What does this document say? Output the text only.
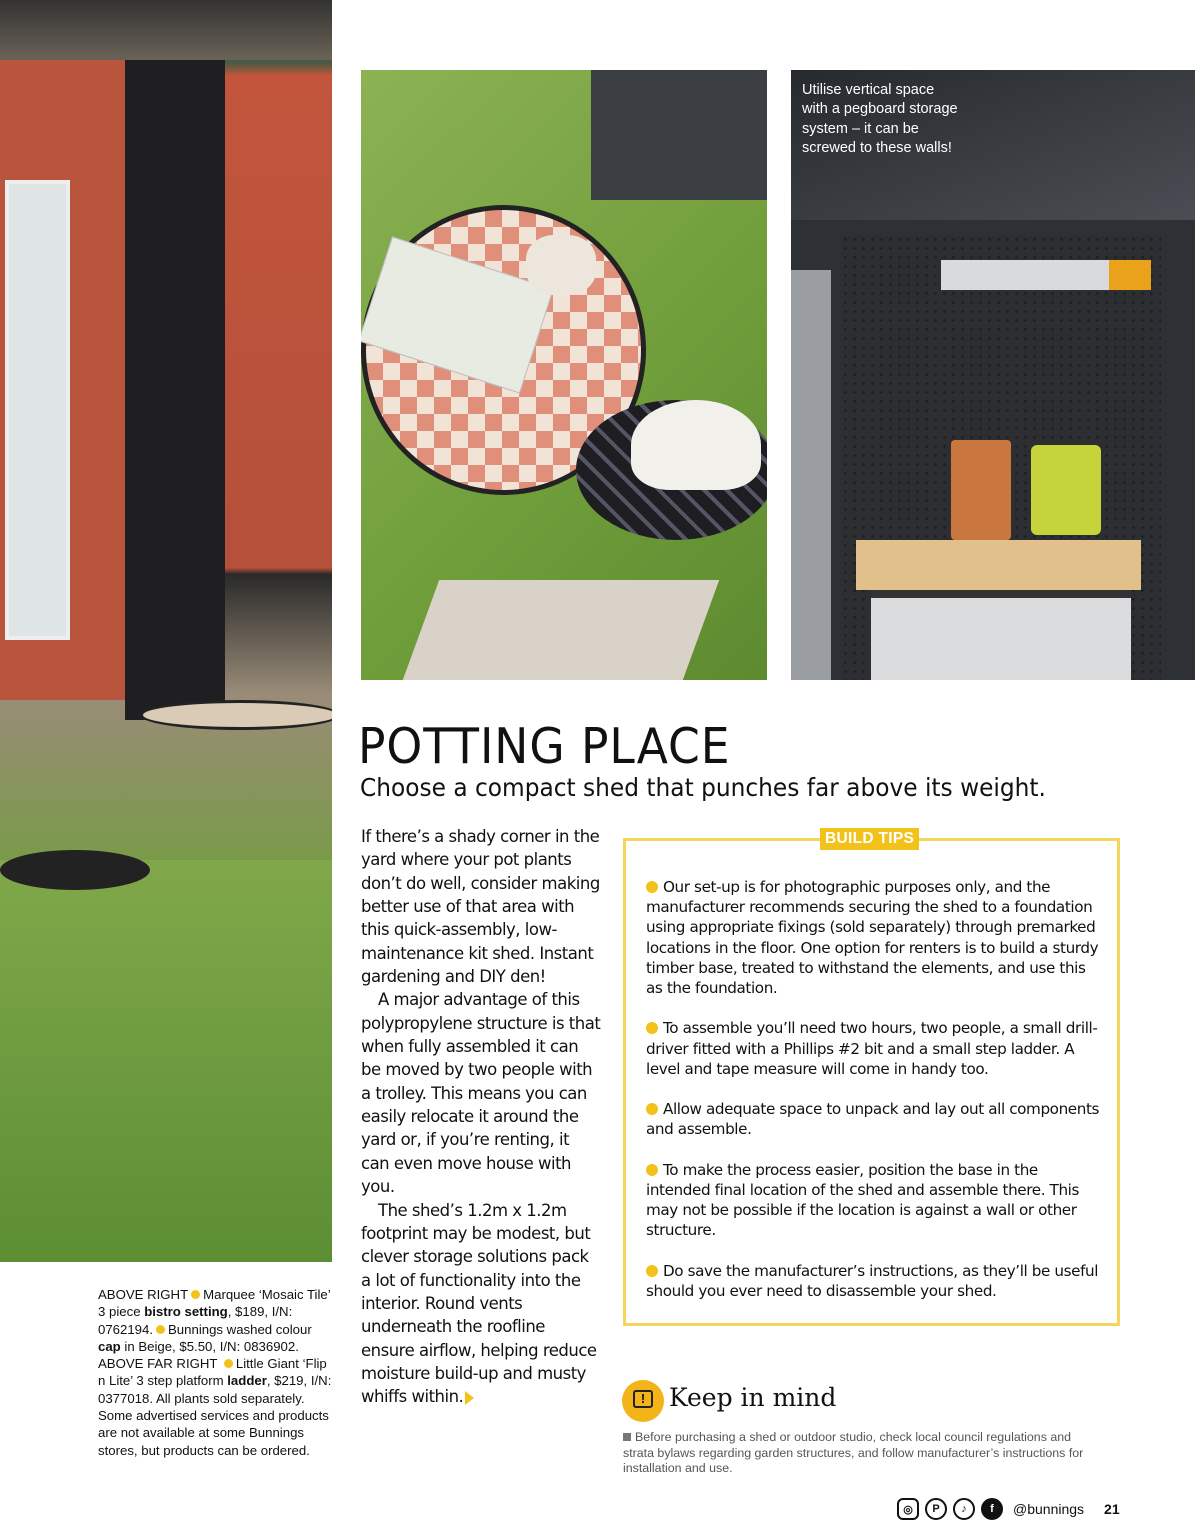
Utilise vertical space with a pegboard storage system – it can be screwed to these walls!
POTTING PLACE
Choose a compact shed that punches far above its weight.

If there’s a shady corner in the yard where your pot plants don’t do well, consider making better use of that area with this quick-assembly, low-maintenance kit shed. Instant gardening and DIY den!

A major advantage of this polypropylene structure is that when fully assembled it can be moved by two people with a trolley. This means you can easily relocate it around the yard or, if you’re renting, it can even move house with you.

The shed’s 1.2m x 1.2m footprint may be modest, but clever storage solutions pack a lot of functionality into the interior. Round vents underneath the roofline ensure airflow, helping reduce moisture build-up and musty whiffs within.

BUILD TIPS
Our set-up is for photographic purposes only, and the manufacturer recommends securing the shed to a foundation using appropriate fixings (sold separately) through premarked locations in the floor. One option for renters is to build a sturdy timber base, treated to withstand the elements, and use this as the foundation.
To assemble you’ll need two hours, two people, a small drill-driver fitted with a Phillips #2 bit and a small step ladder. A level and tape measure will come in handy too.
Allow adequate space to unpack and lay out all components and assemble.
To make the process easier, position the base in the intended final location of the shed and assemble there. This may not be possible if the location is against a wall or other structure.
Do save the manufacturer’s instructions, as they’ll be useful should you ever need to disassemble your shed.
ABOVE RIGHT Marquee ‘Mosaic Tile’ 3 piece bistro setting, $189, I/N: 0762194. Bunnings washed colour cap in Beige, $5.50, I/N: 0836902. ABOVE FAR RIGHT Little Giant ‘Flip n Lite’ 3 step platform ladder, $219, I/N: 0377018. All plants sold separately. Some advertised services and products are not available at some Bunnings stores, but products can be ordered.
! Keep in mind
Before purchasing a shed or outdoor studio, check local council regulations and strata bylaws regarding garden structures, and follow manufacturer’s instructions for installation and use.
◎	P	♪	f	@bunnings 21
